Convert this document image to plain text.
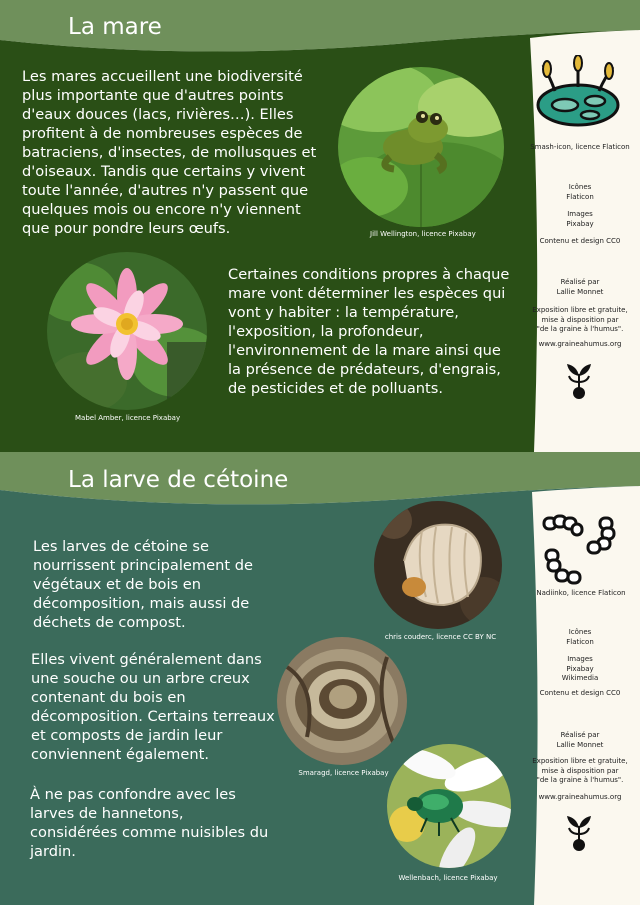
La mare

Smash-icon, licence Flaticon

Icônes

Flaticon

Images

Pixabay

Contenu et design CC0

Réalisé par

Lallie Monnet

Exposition libre et gratuite,

mise à disposition par

"de la graine à l'humus".

www.graineahumus.org

Les mares accueillent une biodiversité plus importante que d'autres points d'eaux douces (lacs, rivières…). Elles profitent à de nombreuses espèces de batraciens, d'insectes, de mollusques et d'oiseaux. Tandis que certains y vivent toute l'année, d'autres n'y passent que quelques mois ou encore n'y viennent que pour pondre leurs œufs.
Certaines conditions propres à chaque mare vont déterminer les espèces qui vont y habiter : la température, l'exposition, la profondeur, l'environnement de la mare ainsi que la présence de prédateurs, d'engrais, de pesticides et de polluants.
Jill Wellington, licence Pixabay
Mabel Amber, licence Pixabay
La larve de cétoine

Nadiinko, licence Flaticon

Icônes

Flaticon

Images

Pixabay

Wikimedia

Contenu et design CC0

Réalisé par

Lallie Monnet

Exposition libre et gratuite,

mise à disposition par

"de la graine à l'humus".

www.graineahumus.org

Les larves de cétoine se nourrissent principalement de végétaux et de bois en décomposition, mais aussi de déchets de compost.
Elles vivent généralement dans une souche ou un arbre creux contenant du bois en décomposition. Certains terreaux et composts de jardin leur conviennent également.
À ne pas confondre avec les larves de hannetons, considérées comme nuisibles du jardin.
chris couderc, licence CC BY NC
Smaragd, licence Pixabay
Wellenbach, licence Pixabay
